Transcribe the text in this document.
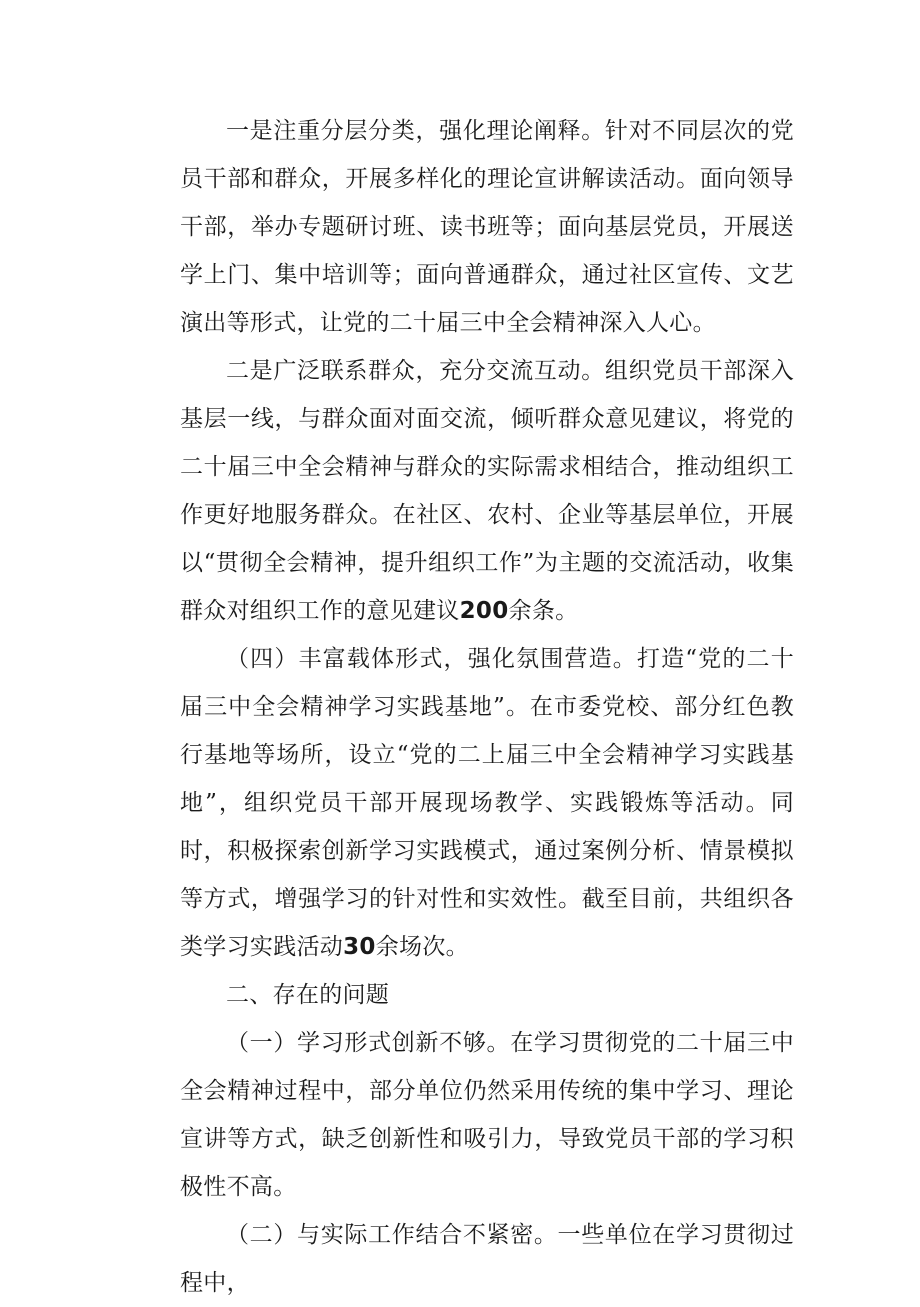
一是注重分层分类，强化理论阐释。针对不同层次的党员干部和群众，开展多样化的理论宣讲解读活动。面向领导干部，举办专题研讨班、读书班等；面向基层党员，开展送学上门、集中培训等；面向普通群众，通过社区宣传、文艺演出等形式，让党的二十届三中全会精神深入人心。

二是广泛联系群众，充分交流互动。组织党员干部深入基层一线，与群众面对面交流，倾听群众意见建议，将党的二十届三中全会精神与群众的实际需求相结合，推动组织工作更好地服务群众。在社区、农村、企业等基层单位，开展以“贯彻全会精神，提升组织工作”为主题的交流活动，收集群众对组织工作的意见建议200余条。

（四）丰富载体形式，强化氛围营造。打造“党的二十届三中全会精神学习实践基地”。在市委党校、部分红色教行基地等场所，设立“党的二上届三中全会精神学习实践基地”，组织党员干部开展现场教学、实践锻炼等活动。同时，积极探索创新学习实践模式，通过案例分析、情景模拟等方式，增强学习的针对性和实效性。截至目前，共组织各类学习实践活动30余场次。

二、存在的问题

（一）学习形式创新不够。在学习贯彻党的二十届三中全会精神过程中，部分单位仍然采用传统的集中学习、理论宣讲等方式，缺乏创新性和吸引力，导致党员干部的学习积极性不高。

（二）与实际工作结合不紧密。一些单位在学习贯彻过程中，
